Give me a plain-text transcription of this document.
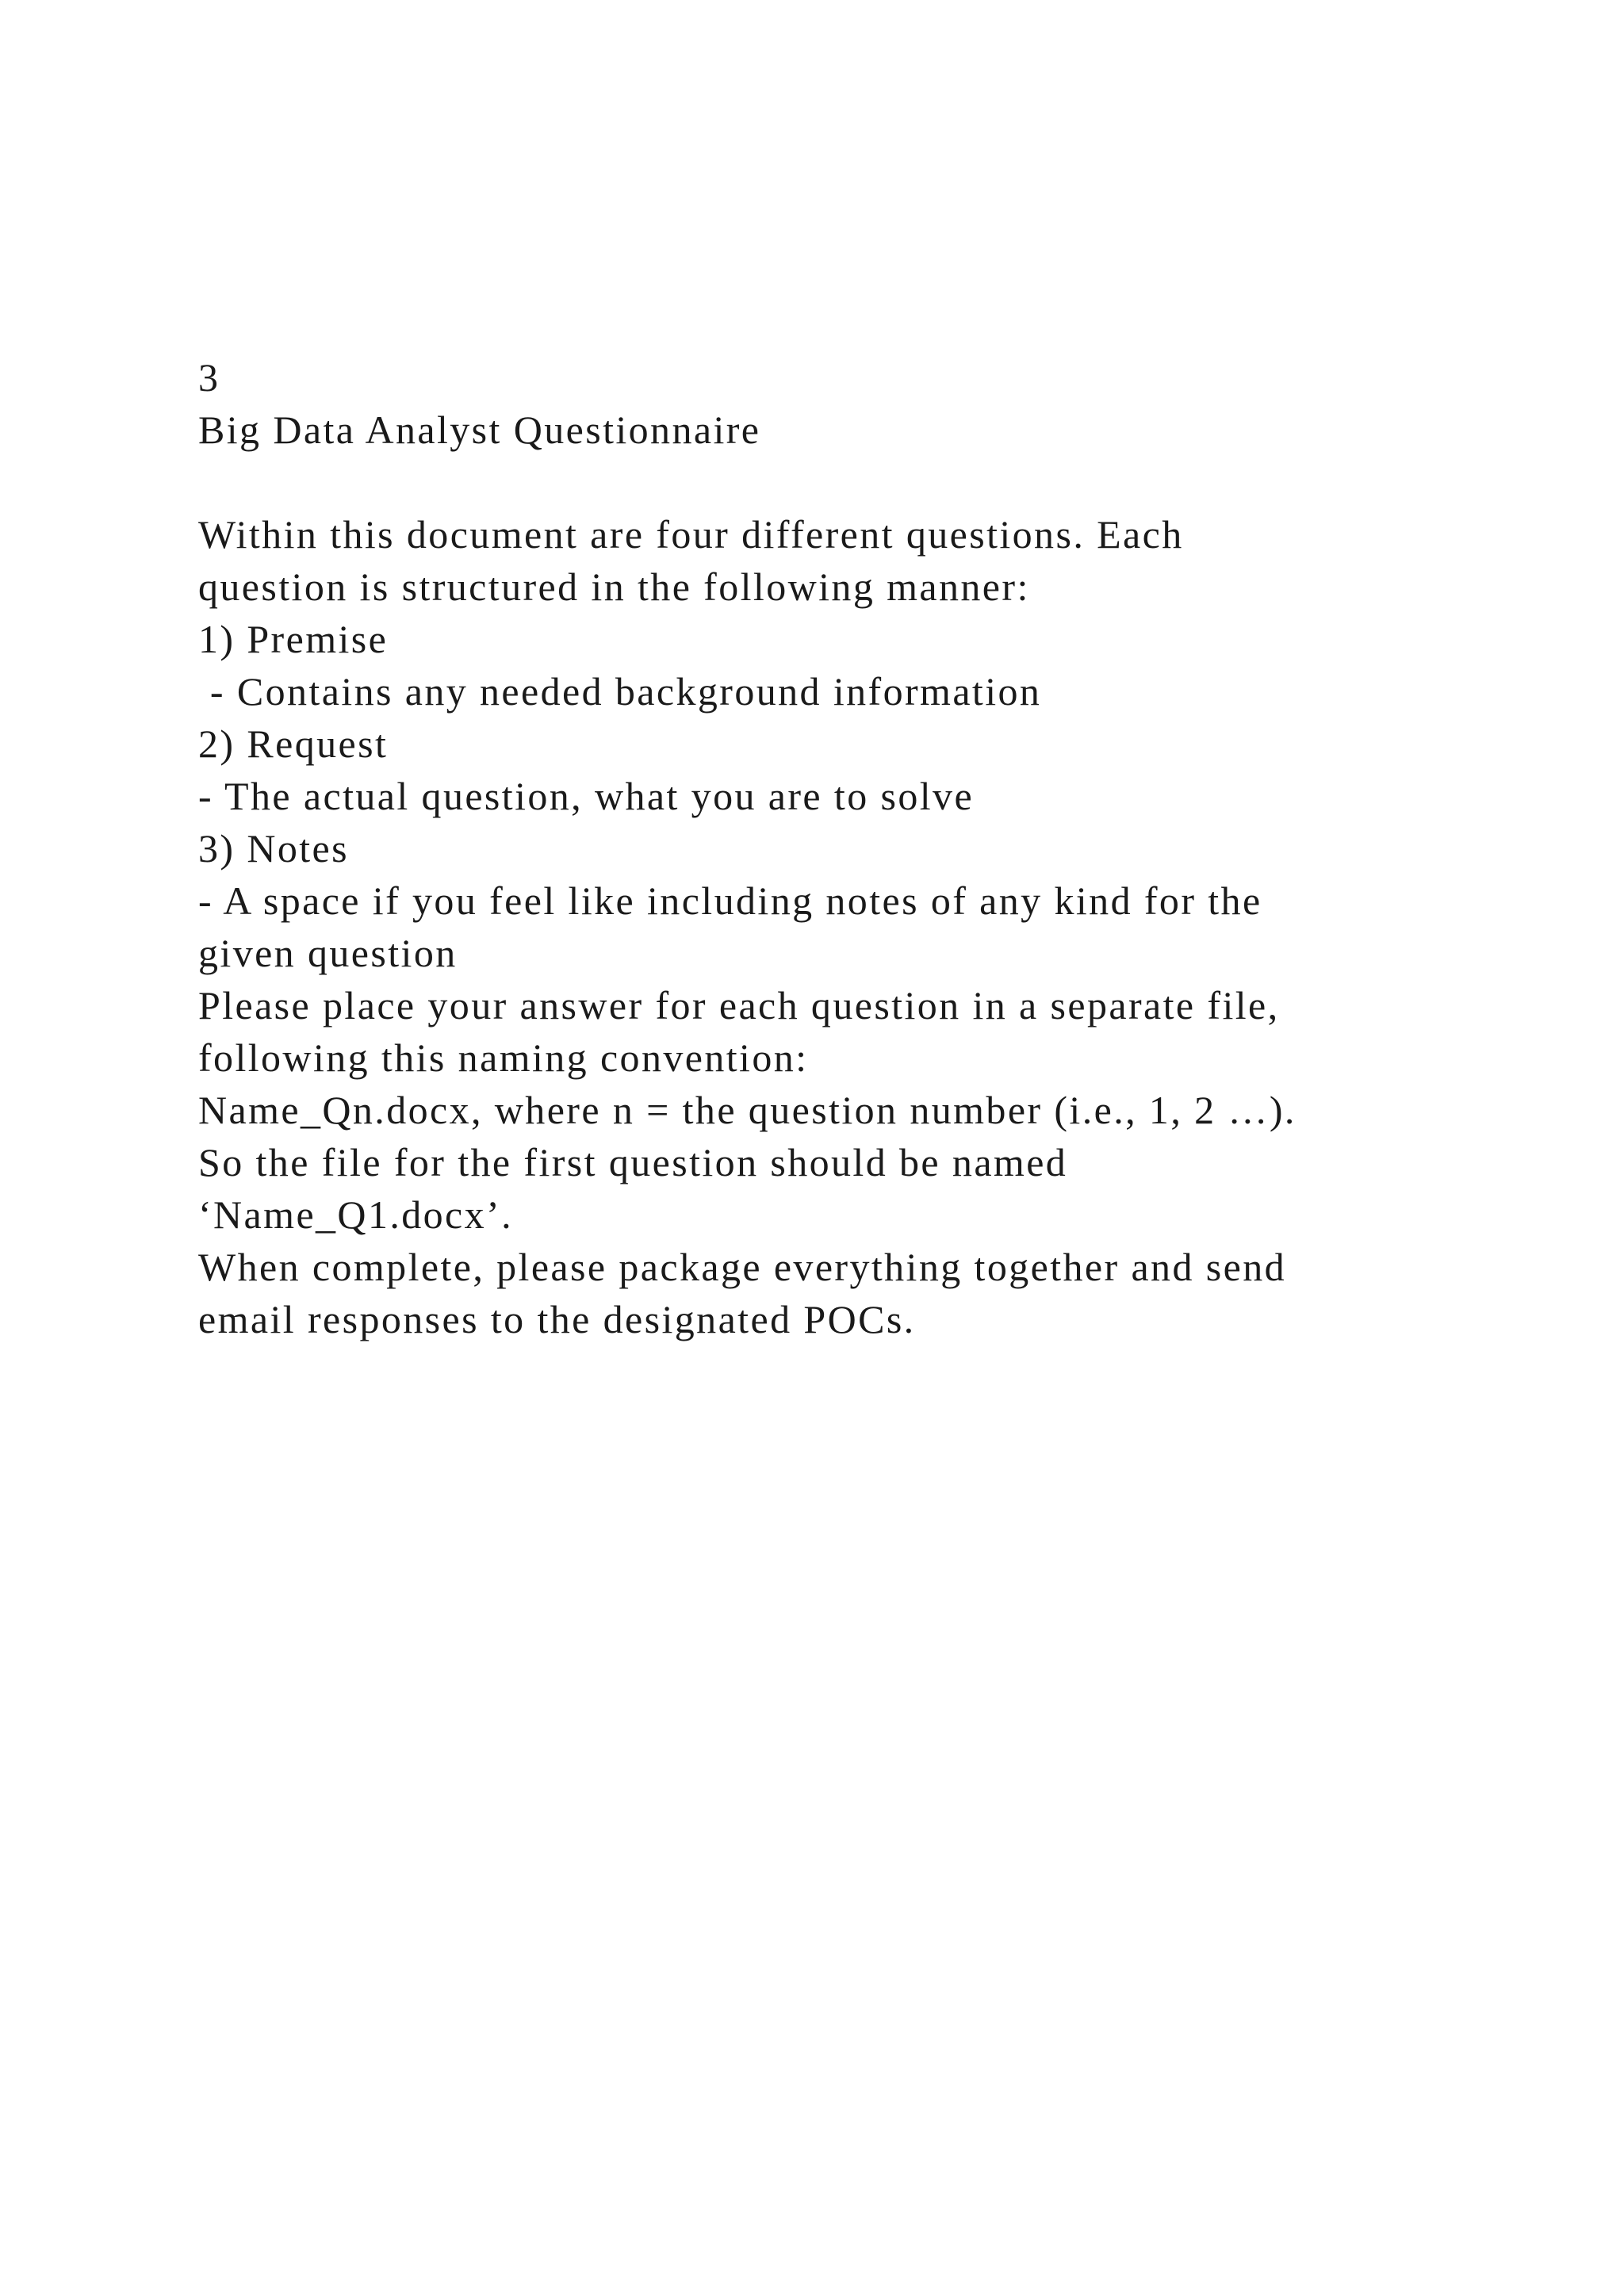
3
Big Data Analyst Questionnaire
Within this document are four different questions. Each
question is structured in the following manner:
1) Premise
- Contains any needed background information
2) Request
- The actual question, what you are to solve
3) Notes
- A space if you feel like including notes of any kind for the
given question
Please place your answer for each question in a separate file,
following this naming convention:
Name_Qn.docx, where n = the question number (i.e., 1, 2 …).
So the file for the first question should be named
‘Name_Q1.docx’.
When complete, please package everything together and send
email responses to the designated POCs.
